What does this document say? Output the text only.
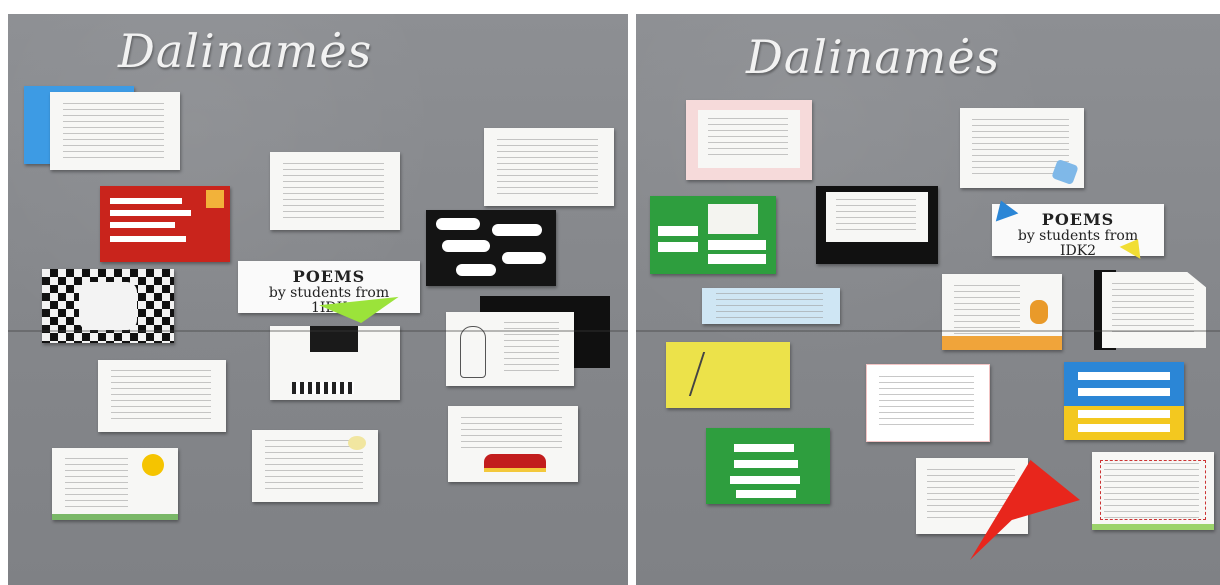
Dalinamės
POEMS
by students from
1IDK
Dalinamės
POEMS
by students from
IDK2
